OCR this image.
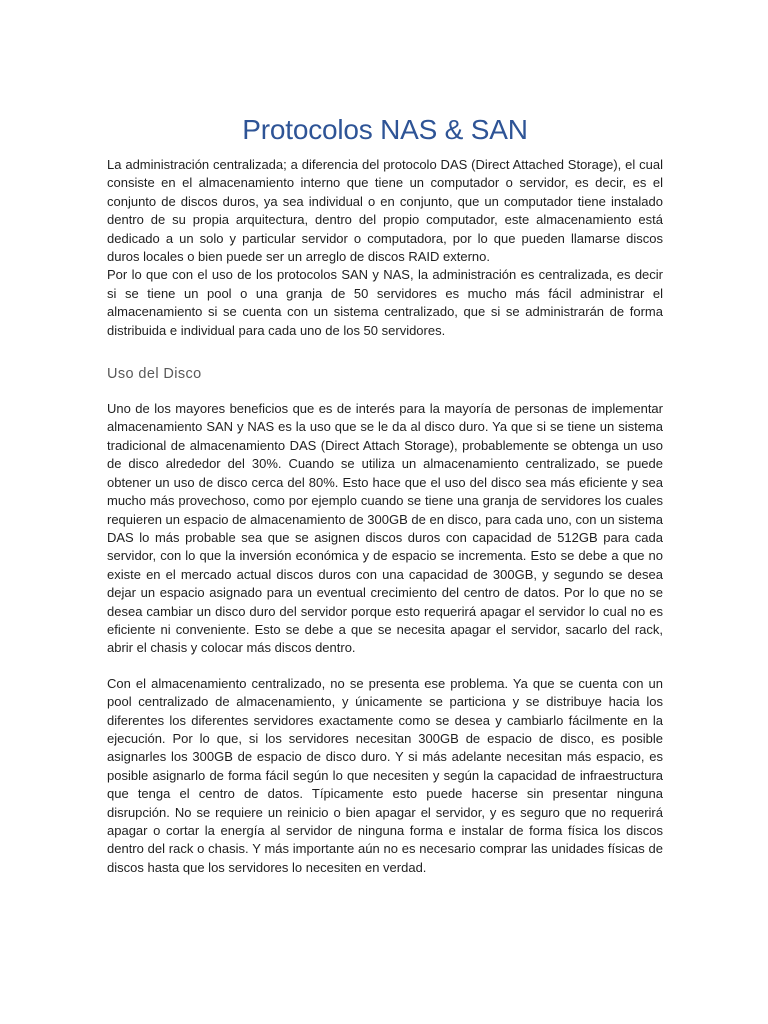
Protocolos NAS & SAN

La administración centralizada; a diferencia del protocolo DAS (Direct Attached Storage), el cual consiste en el almacenamiento interno que tiene un computador o servidor, es decir, es el conjunto de discos duros, ya sea individual o en conjunto, que un computador tiene instalado dentro de su propia arquitectura, dentro del propio computador, este almacenamiento está dedicado a un solo y particular servidor o computadora, por lo que pueden llamarse discos duros locales o bien puede ser un arreglo de discos RAID externo.

Por lo que con el uso de los protocolos SAN y NAS, la administración es centralizada, es decir si se tiene un pool o una granja de 50 servidores es mucho más fácil administrar el almacenamiento si se cuenta con un sistema centralizado, que si se administrarán de forma distribuida e individual para cada uno de los 50 servidores.

Uso del Disco

Uno de los mayores beneficios que es de interés para la mayoría de personas de implementar almacenamiento SAN y NAS es la uso que se le da al disco duro. Ya que si se tiene un sistema tradicional de almacenamiento DAS (Direct Attach Storage), probablemente se obtenga un uso de disco alrededor del 30%. Cuando se utiliza un almacenamiento centralizado, se puede obtener un uso de disco cerca del 80%. Esto hace que el uso del disco sea más eficiente y sea mucho más provechoso, como por ejemplo cuando se tiene una granja de servidores los cuales requieren un espacio de almacenamiento de 300GB de en disco, para cada uno, con un sistema DAS lo más probable sea que se asignen discos duros con capacidad de 512GB para cada servidor, con lo que la inversión económica y de espacio se incrementa. Esto se debe a que no existe en el mercado actual discos duros con una capacidad de 300GB, y segundo se desea dejar un espacio asignado para un eventual crecimiento del centro de datos. Por lo que no se desea cambiar un disco duro del servidor porque esto requerirá apagar el servidor lo cual no es eficiente ni conveniente. Esto se debe a que se necesita apagar el servidor, sacarlo del rack, abrir el chasis y colocar más discos dentro.

Con el almacenamiento centralizado, no se presenta ese problema. Ya que se cuenta con un pool centralizado de almacenamiento, y únicamente se particiona y se distribuye hacia los diferentes los diferentes servidores exactamente como se desea y cambiarlo fácilmente en la ejecución. Por lo que, si los servidores necesitan 300GB de espacio de disco, es posible asignarles los 300GB de espacio de disco duro. Y si más adelante necesitan más espacio, es posible asignarlo de forma fácil según lo que necesiten y según la capacidad de infraestructura que tenga el centro de datos. Típicamente esto puede hacerse sin presentar ninguna disrupción. No se requiere un reinicio o bien apagar el servidor, y es seguro que no requerirá apagar o cortar la energía al servidor de ninguna forma e instalar de forma física los discos dentro del rack o chasis. Y más importante aún no es necesario comprar las unidades físicas de discos hasta que los servidores lo necesiten en verdad.
